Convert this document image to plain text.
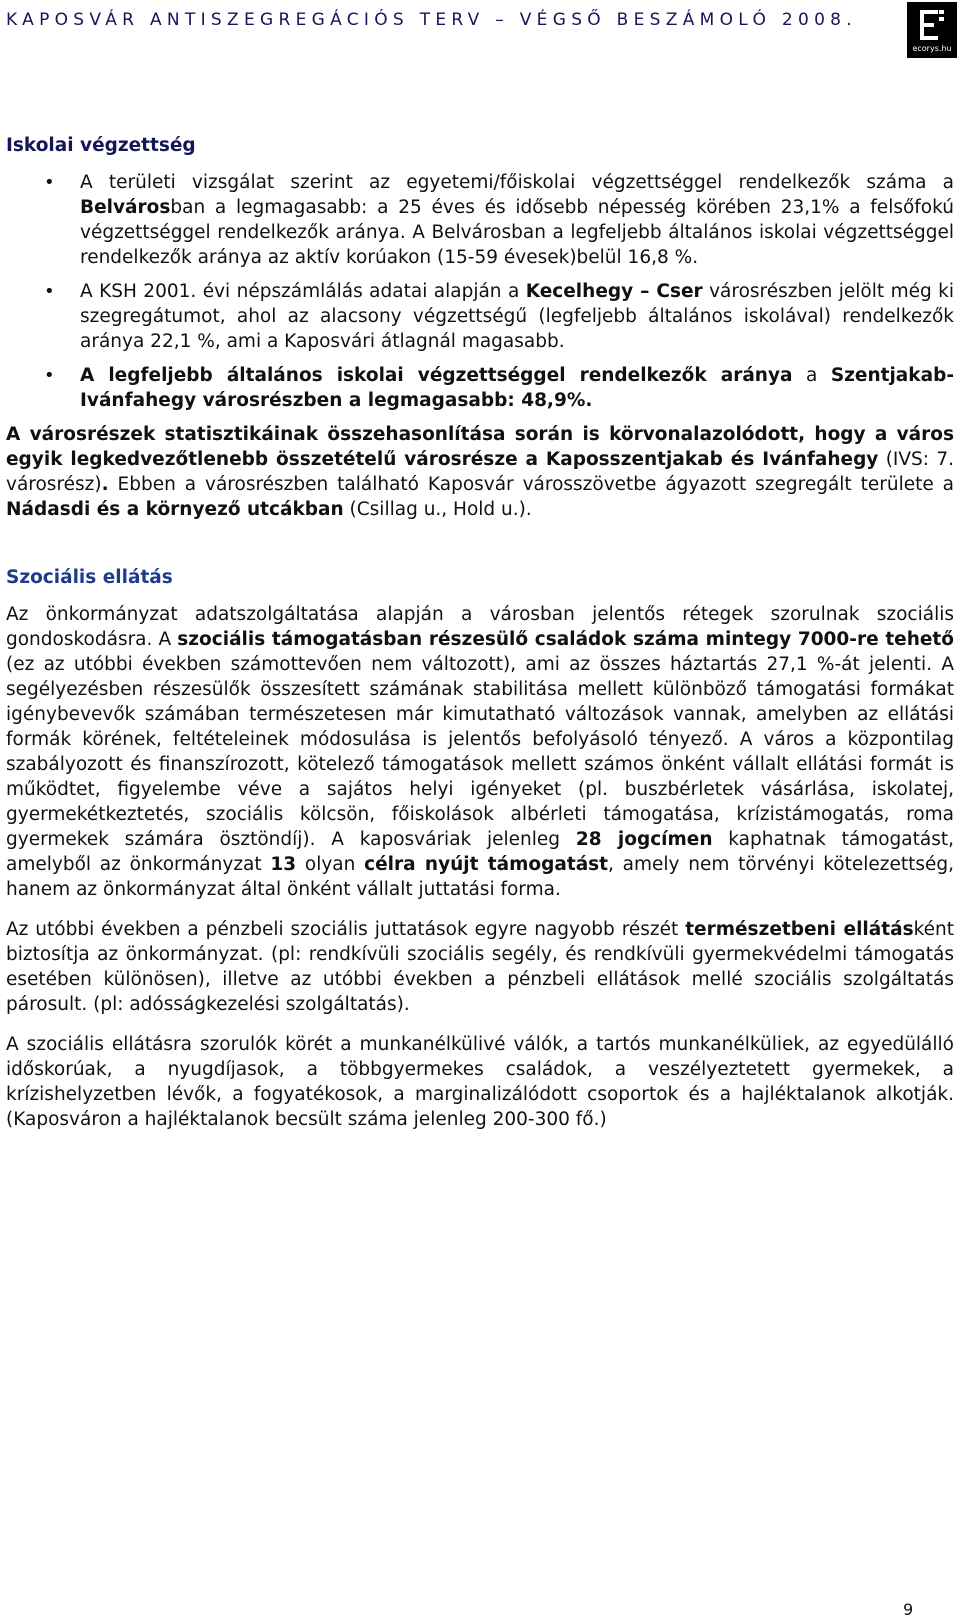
KAPOSVÁR ANTISZEGREGÁCIÓS TERV – VÉGSŐ BESZÁMOLÓ 2008.
ecorys.hu
Iskolai végzettség
• A területi vizsgálat szerint az egyetemi/főiskolai végzettséggel rendelkezők száma a Belvárosban a legmagasabb: a 25 éves és idősebb népesség körében 23,1% a felsőfokú végzettséggel rendelkezők aránya. A Belvárosban a legfeljebb általános iskolai végzettséggel rendelkezők aránya az aktív korúakon (15-59 évesek)belül 16,8 %.
• A KSH 2001. évi népszámlálás adatai alapján a Kecelhegy – Cser városrészben jelölt még ki szegregátumot, ahol az alacsony végzettségű (legfeljebb általános iskolával) rendelkezők aránya 22,1 %, ami a Kaposvári átlagnál magasabb.
• A legfeljebb általános iskolai végzettséggel rendelkezők aránya a Szentjakab-Ivánfahegy városrészben a legmagasabb: 48,9%.

A városrészek statisztikáinak összehasonlítása során is körvonalazolódott, hogy a város egyik legkedvezőtlenebb összetételű városrésze a Kaposszentjakab és Ivánfahegy (IVS: 7. városrész). Ebben a városrészben található Kaposvár városszövetbe ágyazott szegregált területe a Nádasdi és a környező utcákban (Csillag u., Hold u.).

Szociális ellátás

Az önkormányzat adatszolgáltatása alapján a városban jelentős rétegek szorulnak szociális gondoskodásra. A szociális támogatásban részesülő családok száma mintegy 7000-re tehető (ez az utóbbi években számottevően nem változott), ami az összes háztartás 27,1 %-át jelenti. A segélyezésben részesülők összesített számának stabilitása mellett különböző támogatási formákat igénybevevők számában természetesen már kimutatható változások vannak, amelyben az ellátási formák körének, feltételeinek módosulása is jelentős befolyásoló tényező. A város a központilag szabályozott és finanszírozott, kötelező támogatások mellett számos önként vállalt ellátási formát is működtet, figyelembe véve a sajátos helyi igényeket (pl. buszbérletek vásárlása, iskolatej, gyermekétkeztetés, szociális kölcsön, főiskolások albérleti támogatása, krízistámogatás, roma gyermekek számára ösztöndíj). A kaposváriak jelenleg 28 jogcímen kaphatnak támogatást, amelyből az önkormányzat 13 olyan célra nyújt támogatást, amely nem törvényi kötelezettség, hanem az önkormányzat által önként vállalt juttatási forma.

Az utóbbi években a pénzbeli szociális juttatások egyre nagyobb részét természetbeni ellátásként biztosítja az önkormányzat. (pl: rendkívüli szociális segély, és rendkívüli gyermekvédelmi támogatás esetében különösen), illetve az utóbbi években a pénzbeli ellátások mellé szociális szolgáltatás párosult. (pl: adósságkezelési szolgáltatás).

A szociális ellátásra szorulók körét a munkanélkülivé válók, a tartós munkanélküliek, az egyedülálló időskorúak, a nyugdíjasok, a többgyermekes családok, a veszélyeztetett gyermekek, a krízishelyzetben lévők, a fogyatékosok, a marginalizálódott csoportok és a hajléktalanok alkotják. (Kaposváron a hajléktalanok becsült száma jelenleg 200-300 fő.)

9
